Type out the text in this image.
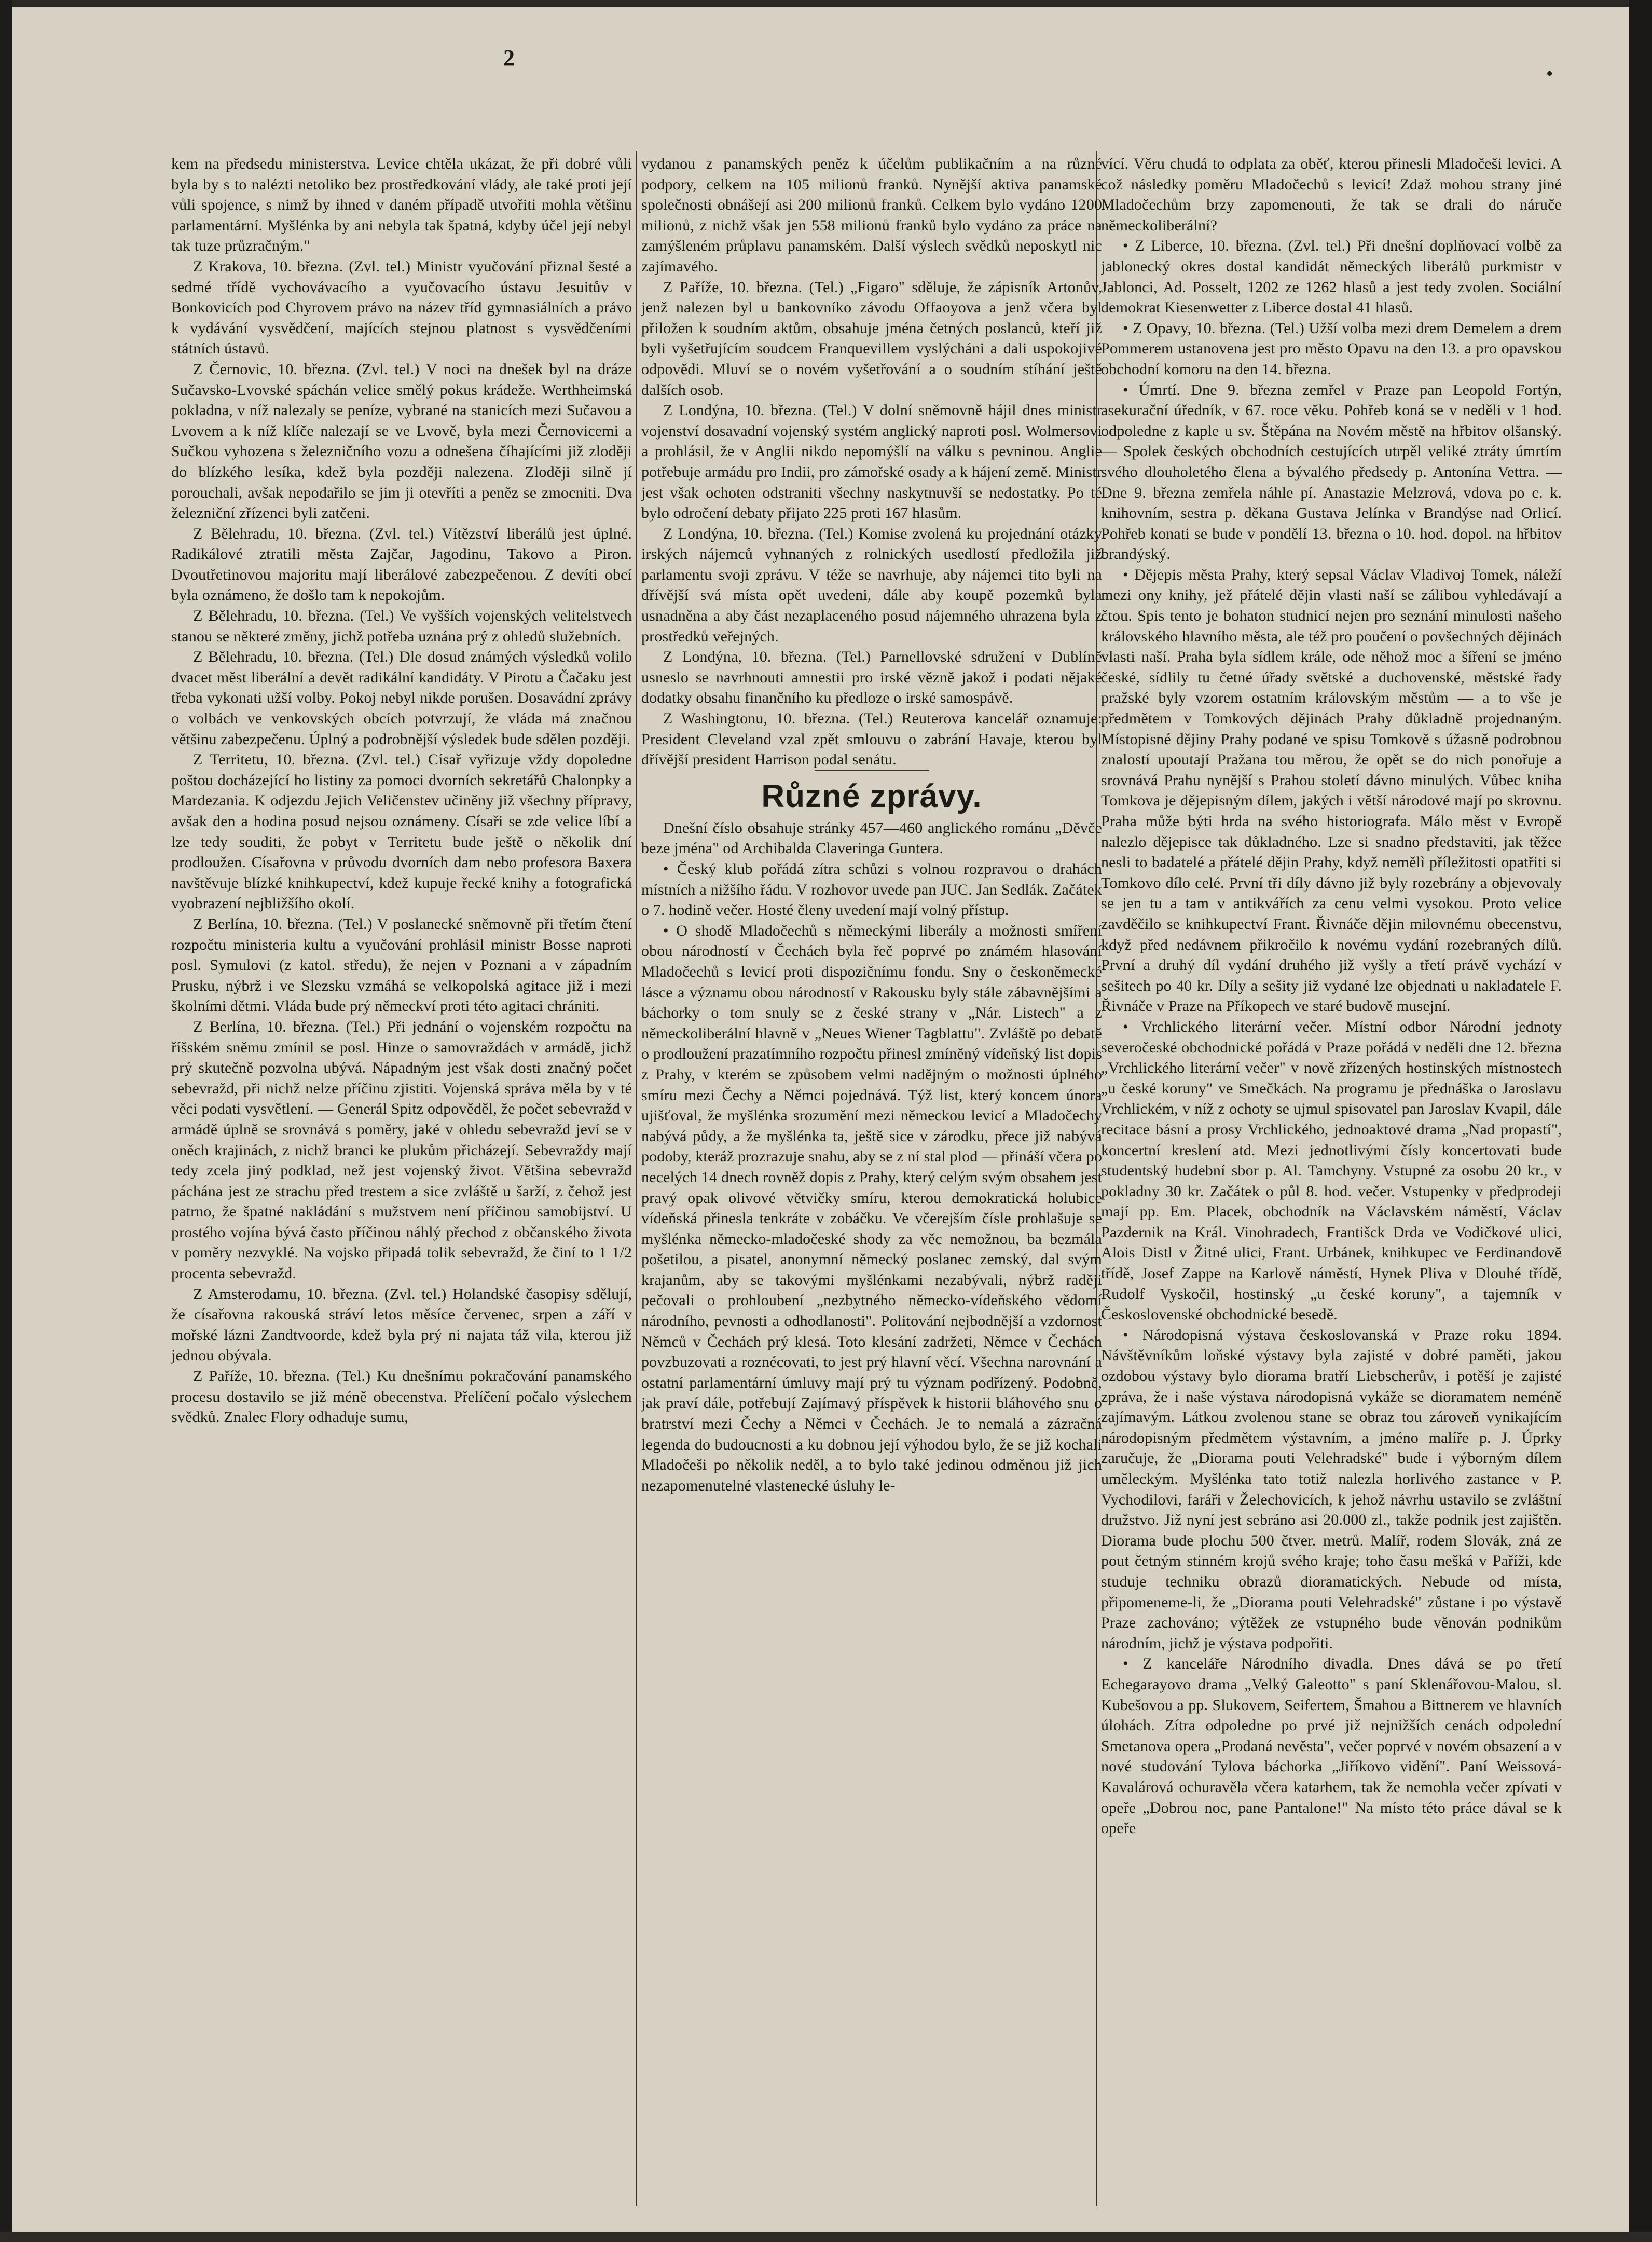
2
•

kem na předsedu ministerstva. Levice chtěla ukázat, že při dobré vůli byla by s to nalézti netoliko bez prostředkování vlády, ale také proti její vůli spojence, s nimž by ihned v daném případě utvořiti mohla většinu parlamentární. Myšlénka by ani nebyla tak špatná, kdyby účel její nebyl tak tuze průzračným."

Z Krakova, 10. března. (Zvl. tel.) Ministr vyučování přiznal šesté a sedmé třídě vychovávacího a vyučovacího ústavu Jesuitův v Bonkovicích pod Chyrovem právo na název tříd gymnasiálních a právo k vydávání vysvědčení, majících stejnou platnost s vysvědčeními státních ústavů.

Z Černovic, 10. března. (Zvl. tel.) V noci na dnešek byl na dráze Sučavsko-Lvovské spáchán velice smělý pokus krádeže. Werthheimská pokladna, v níž nalezaly se peníze, vybrané na stanicích mezi Sučavou a Lvovem a k níž klíče nalezají se ve Lvově, byla mezi Černovicemi a Sučkou vyhozena s železničního vozu a odnešena číhajícími již zloději do blízkého lesíka, kdež byla později nalezena. Zloději silně jí porouchali, avšak nepodařilo se jim ji otevříti a peněz se zmocniti. Dva železniční zřízenci byli zatčeni.

Z Bělehradu, 10. března. (Zvl. tel.) Vítězství liberálů jest úplné. Radikálové ztratili města Zajčar, Jagodinu, Takovo a Piron. Dvoutřetinovou majoritu mají liberálové zabezpečenou. Z devíti obcí byla oznámeno, že došlo tam k nepokojům.

Z Bělehradu, 10. března. (Tel.) Ve vyšších vojenských velitelstvech stanou se některé změny, jichž potřeba uznána prý z ohledů služebních.

Z Bělehradu, 10. března. (Tel.) Dle dosud známých výsledků volilo dvacet měst liberální a devět radikální kandidáty. V Pirotu a Čačaku jest třeba vykonati užší volby. Pokoj nebyl nikde porušen. Dosavádní zprávy o volbách ve venkovských obcích potvrzují, že vláda má značnou většinu zabezpečenu. Úplný a podrobnější výsledek bude sdělen později.

Z Territetu, 10. března. (Zvl. tel.) Císař vyřizuje vždy dopoledne poštou docházející ho listiny za pomoci dvorních sekretářů Chalonpky a Mardezania. K odjezdu Jejich Veličenstev učiněny již všechny přípravy, avšak den a hodina posud nejsou oznámeny. Císaři se zde velice líbí a lze tedy souditi, že pobyt v Territetu bude ještě o několik dní prodloužen. Císařovna v průvodu dvorních dam nebo profesora Baxera navštěvuje blízké knihkupectví, kdež kupuje řecké knihy a fotografická vyobrazení nejbližšího okolí.

Z Berlína, 10. března. (Tel.) V poslanecké sněmovně při třetím čtení rozpočtu ministeria kultu a vyučování prohlásil ministr Bosse naproti posl. Symulovi (z katol. středu), že nejen v Poznani a v západním Prusku, nýbrž i ve Slezsku vzmáhá se velkopolská agitace již i mezi školními dětmi. Vláda bude prý německví proti této agitaci chrániti.

Z Berlína, 10. března. (Tel.) Při jednání o vojenském rozpočtu na říšském sněmu zmínil se posl. Hinze o samovraždách v armádě, jichž prý skutečně pozvolna ubývá. Nápadným jest však dosti značný počet sebevražd, při nichž nelze příčinu zjistiti. Vojenská správa měla by v té věci podati vysvětlení. — Generál Spitz odpověděl, že počet sebevražd v armádě úplně se srovnává s poměry, jaké v ohledu sebevražd jeví se v oněch krajinách, z nichž branci ke plukům přicházejí. Sebevraždy mají tedy zcela jiný podklad, než jest vojenský život. Většina sebevražd páchána jest ze strachu před trestem a sice zvláště u šarží, z čehož jest patrno, že špatné nakládání s mužstvem není příčinou samobijství. U prostého vojína bývá často příčinou náhlý přechod z občanského života v poměry nezvyklé. Na vojsko připadá tolik sebevražd, že činí to 1 1/2 procenta sebevražd.

Z Amsterodamu, 10. března. (Zvl. tel.) Holandské časopisy sdělují, že císařovna rakouská stráví letos měsíce červenec, srpen a září v mořské lázni Zandtvoorde, kdež byla prý ni najata táž vila, kterou již jednou obývala.

Z Paříže, 10. března. (Tel.) Ku dnešnímu pokračování panamského procesu dostavilo se již méně obecenstva. Přelíčení počalo výslechem svědků. Znalec Flory odhaduje sumu,

vydanou z panamských peněz k účelům publikačním a na různé podpory, celkem na 105 milionů franků. Nynější aktiva panamské společnosti obnášejí asi 200 milionů franků. Celkem bylo vydáno 1200 milionů, z nichž však jen 558 milionů franků bylo vydáno za práce na zamýšleném průplavu panamském. Další výslech svědků neposkytl nic zajímavého.

Z Paříže, 10. března. (Tel.) „Figaro" sděluje, že zápisník Artonův, jenž nalezen byl u bankovníko závodu Offaoyova a jenž včera byl přiložen k soudním aktům, obsahuje jména četných poslanců, kteří již byli vyšetřujícím soudcem Franquevillem vyslýcháni a dali uspokojivé odpovědi. Mluví se o novém vyšetřování a o soudním stíhání ještě dalších osob.

Z Londýna, 10. března. (Tel.) V dolní sněmovně hájil dnes ministr vojenství dosavadní vojenský systém anglický naproti posl. Wolmersovi a prohlásil, že v Anglii nikdo nepomýšlí na válku s pevninou. Anglie potřebuje armádu pro Indii, pro zámořské osady a k hájení země. Ministr jest však ochoten odstraniti všechny naskytnuvší se nedostatky. Po té bylo odročení debaty přijato 225 proti 167 hlasům.

Z Londýna, 10. března. (Tel.) Komise zvolená ku projednání otázky irských nájemců vyhnaných z rolnických usedlostí předložila již parlamentu svoji zprávu. V téže se navrhuje, aby nájemci tito byli na dřívější svá místa opět uvedeni, dále aby koupě pozemků byla usnadněna a aby část nezaplaceného posud nájemného uhrazena byla z prostředků veřejných.

Z Londýna, 10. března. (Tel.) Parnellovské sdružení v Dublíně usneslo se navrhnouti amnestii pro irské vězně jakož i podati nějaké dodatky obsahu finančního ku předloze o irské samospávě.

Z Washingtonu, 10. března. (Tel.) Reuterova kancelář oznamuje: President Cleveland vzal zpět smlouvu o zabrání Havaje, kterou byl dřívější president Harrison podal senátu.

Různé zprávy.

Dnešní číslo obsahuje stránky 457—460 anglického románu „Děvče beze jména" od Archibalda Claveringa Guntera.

• Český klub pořádá zítra schůzi s volnou rozpravou o drahách místních a nižšího řádu. V rozhovor uvede pan JUC. Jan Sedlák. Začátek o 7. hodině večer. Hosté členy uvedení mají volný přístup.

• O shodě Mladočechů s německými liberály a možnosti smíření obou národností v Čechách byla řeč poprvé po známém hlasování Mladočechů s levicí proti dispozičnímu fondu. Sny o českoněmecké lásce a významu obou národností v Rakousku byly stále zábavnějšími a báchorky o tom snuly se z české strany v „Nár. Listech" a z německoliberální hlavně v „Neues Wiener Tagblattu". Zvláště po debatě o prodloužení prazatímního rozpočtu přinesl zmíněný vídeňský list dopis z Prahy, v kterém se způsobem velmi nadějným o možnosti úplného smíru mezi Čechy a Němci pojednává. Týž list, který koncem února ujišťoval, že myšlénka srozumění mezi německou levicí a Mladočechy nabývá půdy, a že myšlénka ta, ještě sice v zárodku, přece již nabývá podoby, kteráž prozrazuje snahu, aby se z ní stal plod — přináší včera po necelých 14 dnech rovněž dopis z Prahy, který celým svým obsahem jest pravý opak olivové větvičky smíru, kterou demokratická holubice vídeňská přinesla tenkráte v zobáčku. Ve včerejším čísle prohlašuje se myšlénka německo-mladočeské shody za věc nemožnou, ba bezmála pošetilou, a pisatel, anonymní německý poslanec zemský, dal svým krajanům, aby se takovými myšlénkami nezabývali, nýbrž raději pečovali o prohloubení „nezbytného německo-vídeňského vědomí národního, pevnosti a odhodlanosti". Politování nejbodnější a vzdornost Němců v Čechách prý klesá. Toto klesání zadržeti, Němce v Čechách povzbuzovati a roznécovati, to jest prý hlavní věcí. Všechna narovnání a ostatní parlamentární úmluvy mají prý tu význam podřízený. Podobně, jak praví dále, potřebují Zajímavý příspěvek k historii bláhového snu o bratrství mezi Čechy a Němci v Čechách. Je to nemalá a zázračná legenda do budoucnosti a ku dobnou její výhodou bylo, že se již kochali Mladočeši po několik neděl, a to bylo také jedinou odměnou již jich nezapomenutelné vlastenecké úsluhy le-

vící. Věru chudá to odplata za oběť, kterou přinesli Mladočeši levici. A což následky poměru Mladočechů s levicí! Zdaž mohou strany jiné Mladočechům brzy zapomenouti, že tak se drali do náruče německoliberální?

• Z Liberce, 10. března. (Zvl. tel.) Při dnešní doplňovací volbě za jablonecký okres dostal kandidát německých liberálů purkmistr v Jablonci, Ad. Posselt, 1202 ze 1262 hlasů a jest tedy zvolen. Sociální demokrat Kiesenwetter z Liberce dostal 41 hlasů.

• Z Opavy, 10. března. (Tel.) Užší volba mezi drem Demelem a drem Pommerem ustanovena jest pro město Opavu na den 13. a pro opavskou obchodní komoru na den 14. března.

• Úmrtí. Dne 9. března zemřel v Praze pan Leopold Fortýn, asekurační úředník, v 67. roce věku. Pohřeb koná se v neděli v 1 hod. odpoledne z kaple u sv. Štěpána na Novém městě na hřbitov olšanský. — Spolek českých obchodních cestujících utrpěl veliké ztráty úmrtím svého dlouholetého člena a bývalého předsedy p. Antonína Vettra. — Dne 9. března zemřela náhle pí. Anastazie Melzrová, vdova po c. k. knihovním, sestra p. děkana Gustava Jelínka v Brandýse nad Orlicí. Pohřeb konati se bude v pondělí 13. března o 10. hod. dopol. na hřbitov brandýský.

• Dějepis města Prahy, který sepsal Václav Vladivoj Tomek, náleží mezi ony knihy, jež přátelé dějin vlasti naší se zálibou vyhledávají a čtou. Spis tento je bohaton studnicí nejen pro seznání minulosti našeho královského hlavního města, ale též pro poučení o povšechných dějinách vlasti naší. Praha byla sídlem krále, ode něhož moc a šíření se jméno české, sídlily tu četné úřady světské a duchovenské, městské řady pražské byly vzorem ostatním královským městům — a to vše je předmětem v Tomkových dějinách Prahy důkladně projednaným. Místopisné dějiny Prahy podané ve spisu Tomkově s úžasně podrobnou znalostí upoutají Pražana tou měrou, že opět se do nich ponořuje a srovnává Prahu nynější s Prahou století dávno minulých. Vůbec kniha Tomkova je dějepisným dílem, jakých i větší národové mají po skrovnu. Praha může býti hrda na svého historiografa. Málo měst v Evropě nalezlo dějepisce tak důkladného. Lze si snadno představiti, jak těžce nesli to badatelé a přátelé dějin Prahy, když nemělì příležitosti opatřiti si Tomkovo dílo celé. První tři díly dávno již byly rozebrány a objevovaly se jen tu a tam v antikvářích za cenu velmi vysokou. Proto velice zavděčilo se knihkupectví Frant. Řivnáče dějin milovnému obecenstvu, když před nedávnem přikročilo k novému vydání rozebraných dílů. První a druhý díl vydání druhého již vyšly a třetí právě vychází v sešitech po 40 kr. Díly a sešity již vydané lze objednati u nakladatele F. Řivnáče v Praze na Příkopech ve staré budově musejní.

• Vrchlického literární večer. Místní odbor Národní jednoty severočeské obchodnické pořádá v Praze pořádá v neděli dne 12. března „Vrchlického literární večer" v nově zřízených hostinských místnostech „u české koruny" ve Smečkách. Na programu je přednáška o Jaroslavu Vrchlickém, v níž z ochoty se ujmul spisovatel pan Jaroslav Kvapil, dále recitace básní a prosy Vrchlického, jednoaktové drama „Nad propastí", koncertní kreslení atd. Mezi jednotlivými čísly koncertovati bude studentský hudební sbor p. Al. Tamchyny. Vstupné za osobu 20 kr., v pokladny 30 kr. Začátek o půl 8. hod. večer. Vstupenky v předprodeji mají pp. Em. Placek, obchodník na Václavském náměstí, Václav Pazdernik na Král. Vinohradech, Františck Drda ve Vodičkové ulici, Alois Distl v Žitné ulici, Frant. Urbánek, knihkupec ve Ferdinandově třídě, Josef Zappe na Karlově náměstí, Hynek Pliva v Dlouhé třídě, Rudolf Vyskočil, hostinský „u české koruny", a tajemník v Československé obchodnické besedě.

• Národopisná výstava českoslovanská v Praze roku 1894. Návštěvníkům loňské výstavy byla zajisté v dobré paměti, jakou ozdobou výstavy bylo diorama bratří Liebscherův, i potěší je zajisté zpráva, že i naše výstava národopisná vykáže se dioramatem neméně zajímavým. Látkou zvolenou stane se obraz tou zároveň vynikajícím národopisným předmětem výstavním, a jméno malíře p. J. Úprky zaručuje, že „Diorama pouti Velehradské" bude i výborným dílem uměleckým. Myšlénka tato totiž nalezla horlivého zastance v P. Vychodilovi, faráři v Želechovicích, k jehož návrhu ustavilo se zvláštní družstvo. Již nyní jest sebráno asi 20.000 zl., takže podnik jest zajištěn. Diorama bude plochu 500 čtver. metrů. Malíř, rodem Slovák, zná ze pout četným stinném krojů svého kraje; toho času mešká v Paříži, kde studuje techniku obrazů dioramatických. Nebude od místa, připomeneme-li, že „Diorama pouti Velehradské" zůstane i po výstavě Praze zachováno; výtěžek ze vstupného bude věnován podnikům národním, jichž je výstava podpořiti.

• Z kanceláře Národního divadla. Dnes dává se po třetí Echegarayovo drama „Velký Galeotto" s paní Sklenářovou-Malou, sl. Kubešovou a pp. Slukovem, Seifertem, Šmahou a Bittnerem ve hlavních úlohách. Zítra odpoledne po prvé již nejnižších cenách odpolední Smetanova opera „Prodaná nevěsta", večer poprvé v novém obsazení a v nové studování Tylova báchorka „Jiříkovo vidění". Paní Weissová-Kavalárová ochuravěla včera katarhem, tak že nemohla večer zpívati v opeře „Dobrou noc, pane Pantalone!" Na místo této práce dával se k opeře
